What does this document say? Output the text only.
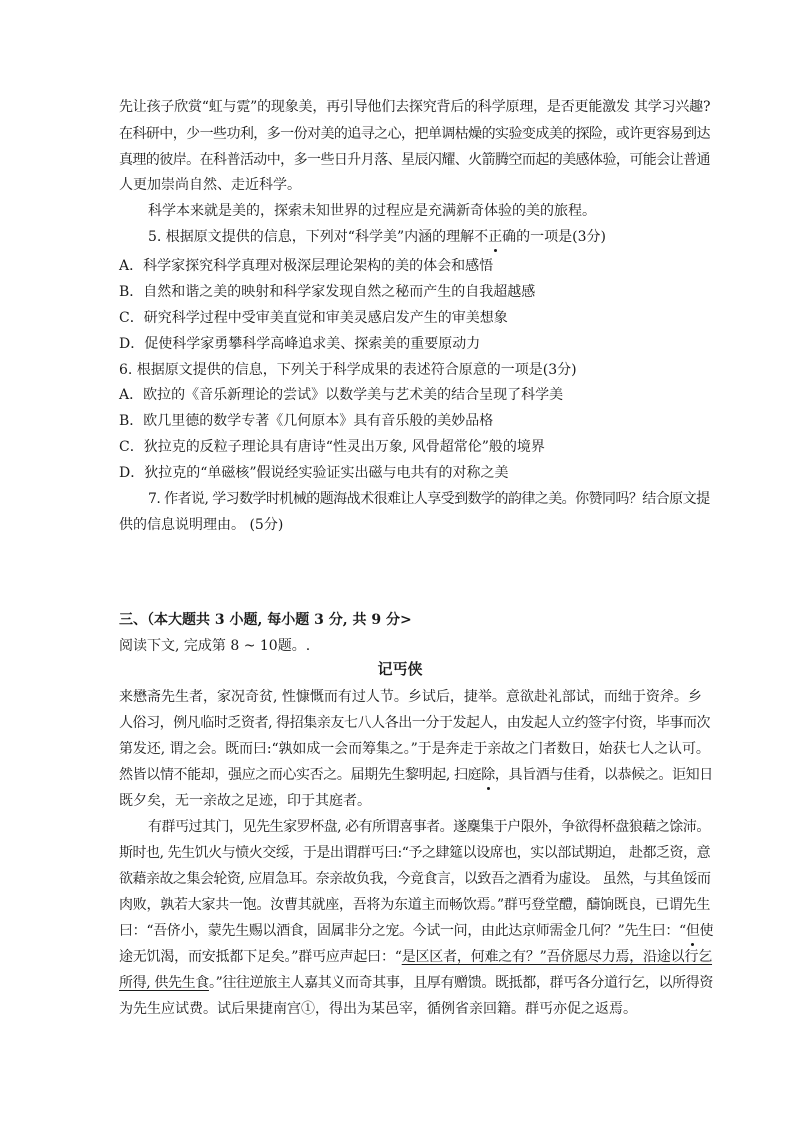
先让孩子欣赏“虹与霓”的现象美，再引导他们去探究背后的科学原理，是否更能激发 其学习兴趣?
在科研中，少一些功利，多一份对美的追寻之心，把单调枯燥的实验变成美的探险，或许更容易到达
真理的彼岸。在科普活动中，多一些日升月落、星辰闪耀、火箭腾空而起的美感体验，可能会让普通
人更加崇尚自然、走近科学。
科学本来就是美的，探索未知世界的过程应是充满新奇体验的美的旅程。
5. 根据原文提供的信息，下列对“科学美”内涵的理解不正确的一项是(3分)
A．科学家探究科学真理对极深层理论架构的美的体会和感悟
B．自然和谐之美的映射和科学家发现自然之秘而产生的自我超越感
C．研究科学过程中受审美直觉和审美灵感启发产生的审美想象
D．促使科学家勇攀科学高峰追求美、探索美的重要原动力
6. 根据原文提供的信息，下列关于科学成果的表述符合原意的一项是(3分)
A．欧拉的《音乐新理论的尝试》以数学美与艺术美的结合呈现了科学美
B．欧几里德的数学专著《几何原本》具有音乐般的美妙品格
C．狄拉克的反粒子理论具有唐诗“性灵出万象, 风骨超常伦”般的境界
D．狄拉克的“单磁核”假说经实验证实出磁与电共有的对称之美
7. 作者说, 学习数学时机械的题海战术很难让人享受到数学的韵律之美。你赞同吗？结合原文提
供的信息说明理由。 (5分)
三、（本大题共 3 小题, 每小题 3 分, 共 9 分>
阅读下文, 完成第 8 ~ 10题。.
记丐侠
来懋斋先生者，家况奇贫, 性慷慨而有过人节。乡试后，捷举。意欲赴礼部试，而绌于资斧。乡
人俗习，例凡临时乏资者, 得招集亲友七八人各出一分于发起人，由发起人立约签字付资，毕事而次
第发还, 谓之会。既而曰:“孰如成一会而筹集之。”于是奔走于亲故之门者数日，始获七人之认可。
然皆以情不能却，强应之而心实否之。届期先生黎明起, 扫庭除，具旨酒与佳肴，以恭候之。讵知日
既夕矣，无一亲故之足迹，印于其庭者。
有群丐过其门，见先生家罗杯盘, 必有所谓喜事者。遂麇集于户限外，争欲得杯盘狼藉之馀沛。
斯时也, 先生饥火与愤火交绥，于是出谓群丐曰:“予之肆筵以设席也，实以部试期迫， 赴都乏资，意
欲藉亲故之集会轮资, 应眉急耳。奈亲故负我，今竟食言，以致吾之酒肴为虚设。 虽然，与其鱼馁而
肉败，孰若大家共一饱。汝曹其就座，吾将为东道主而畅饮焉。”群丐登堂醴，醻饷既良，已谓先生
曰：“吾侪小，蒙先生赐以酒食，固属非分之宠。今试一问，由此达京师需金几何？”先生曰：“但使
途无饥渴，而安抵都下足矣。”群丐应声起曰：“是区区者，何难之有？”吾侪愿尽力焉，沿途以行乞
所得, 供先生食。”往往逆旅主人嘉其义而奇其事，且厚有赠馈。既抵都，群丐各分道行乞，以所得资
为先生应试费。试后果捷南宫①，得出为某邑宰，循例省亲回籍。群丐亦促之返焉。
